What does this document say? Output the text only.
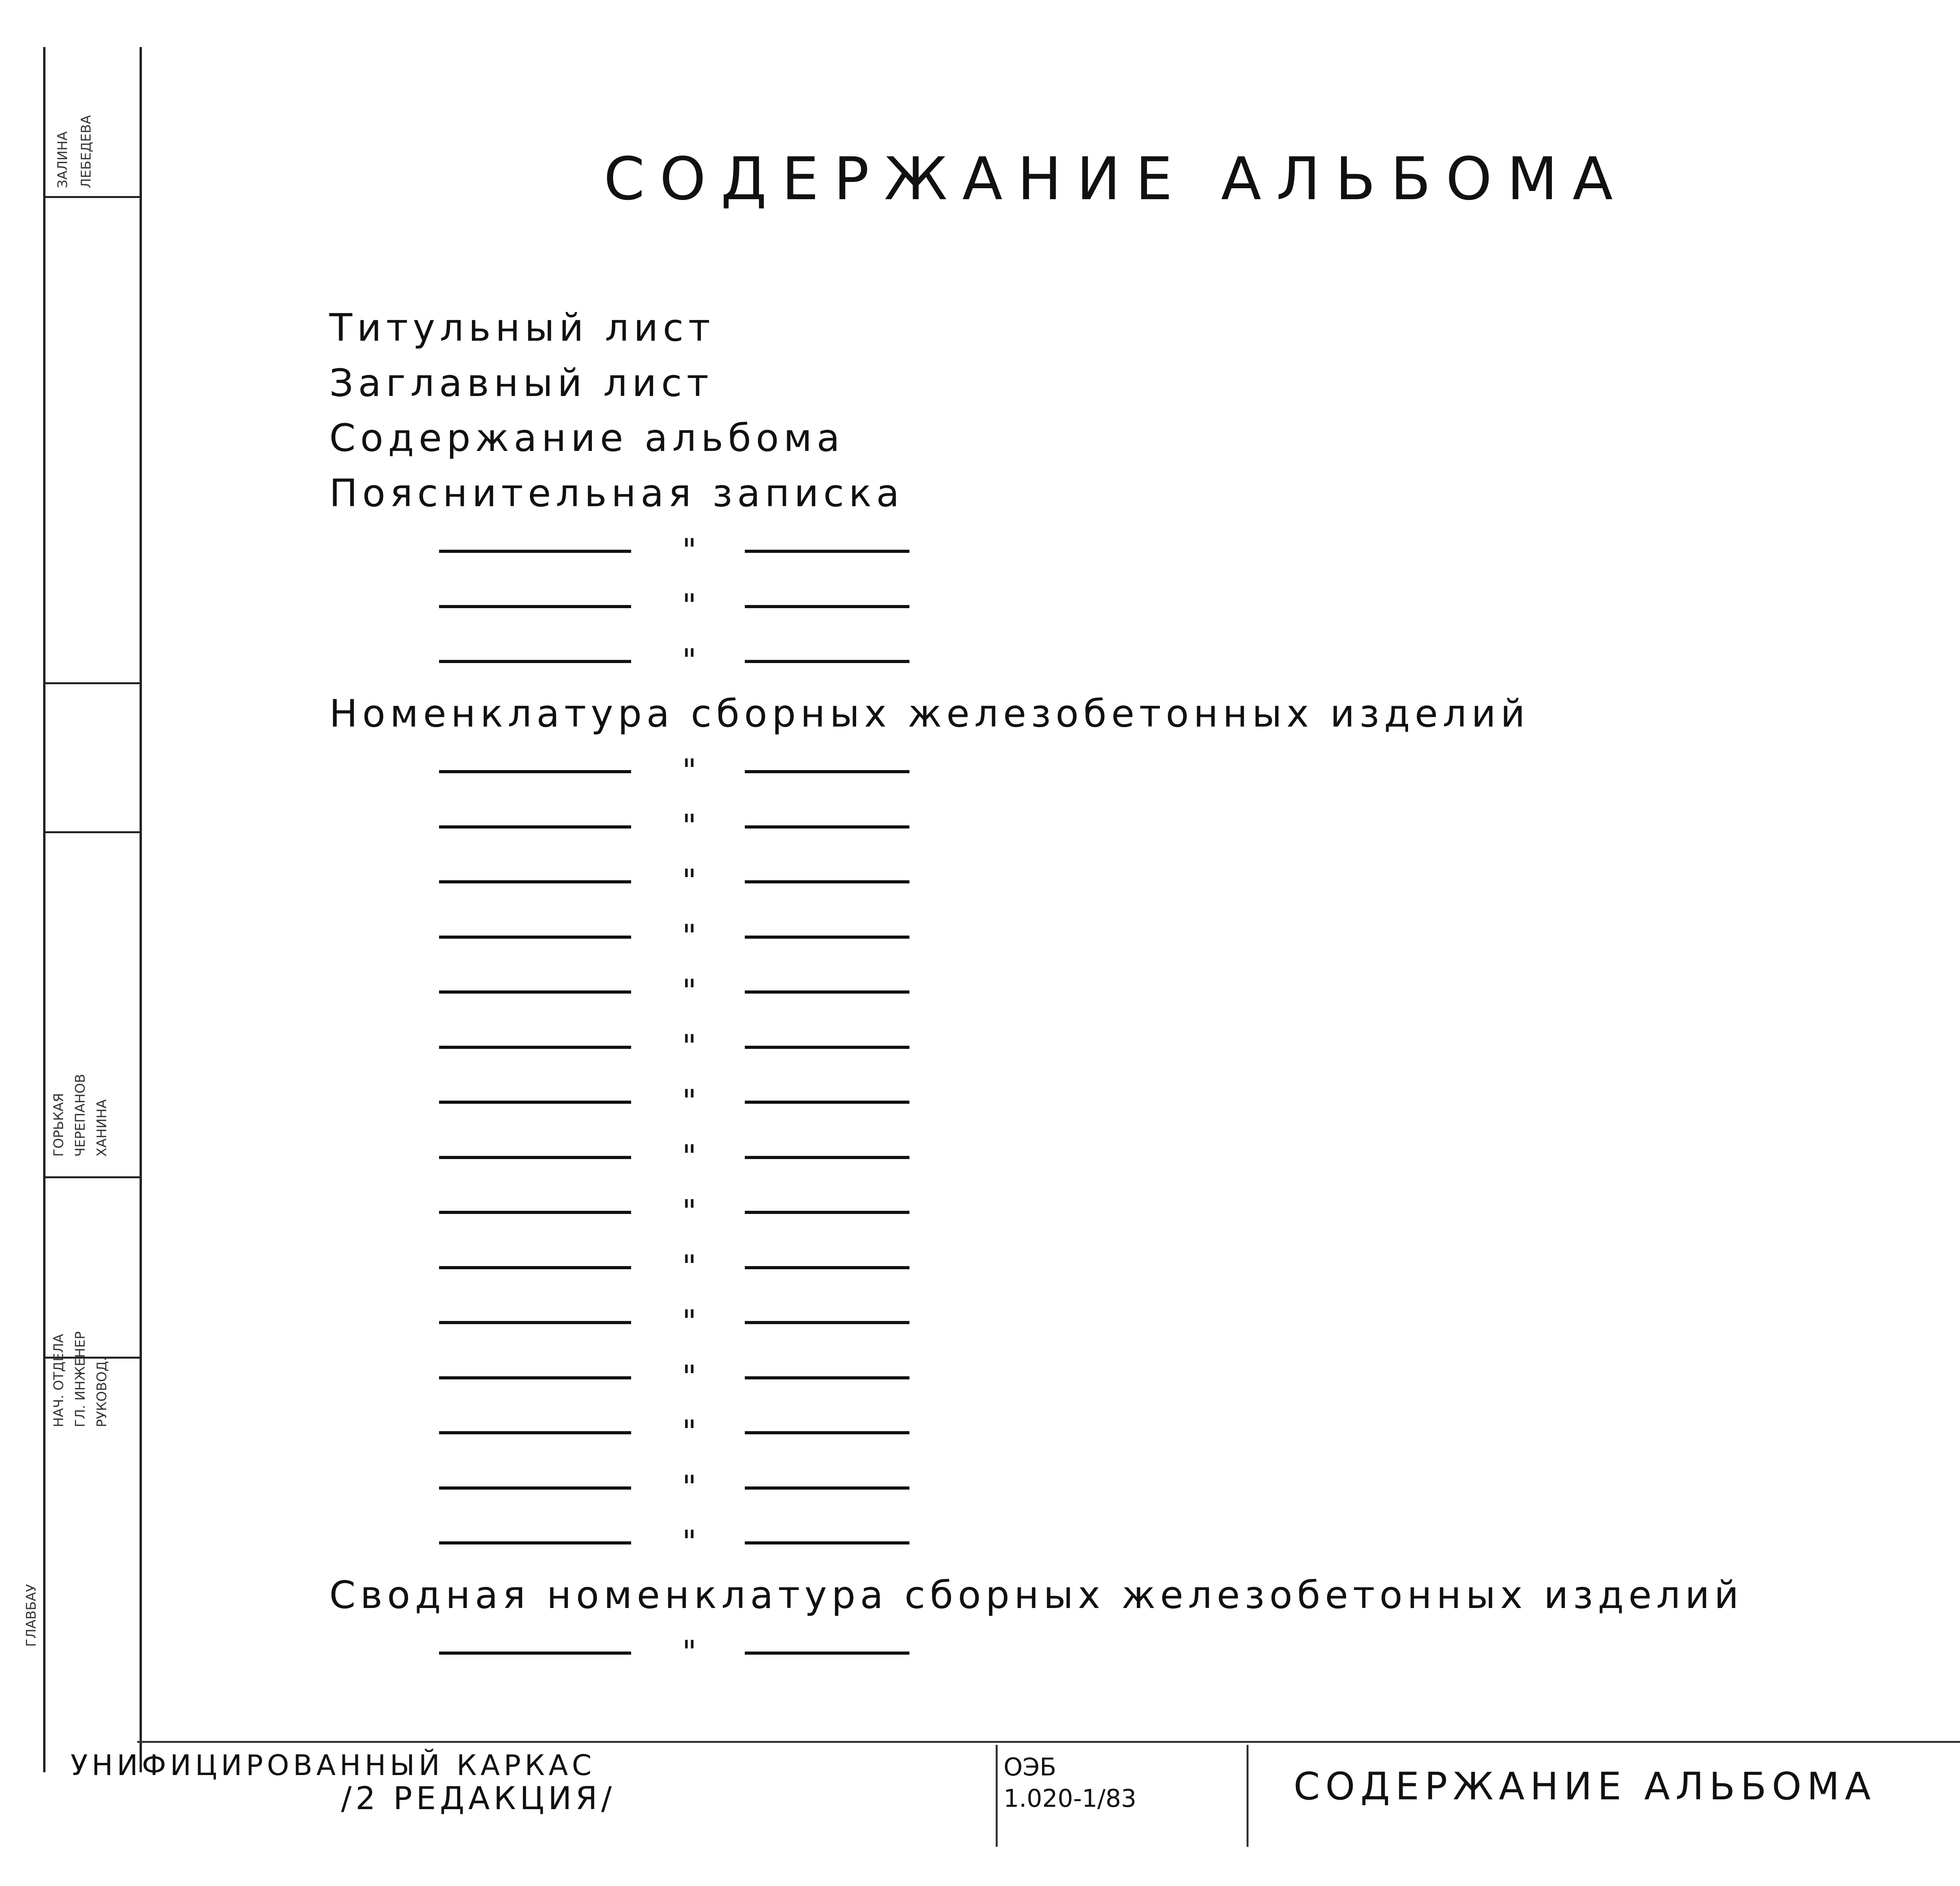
СОДЕРЖАНИЕ АЛЬБОМА
Титульный лист
Заглавный лист
Содержание альбома
Пояснительная записка
"
"
"
Номенклатура сборных железобетонных изделий
"
"
"
"
"
"
"
"
"
"
"
"
"
"
"
Сводная номенклатура сборных железобетонных изделий
"
ГЛАВБАУ
НАЧ. ОТДЕЛА ГЛ. ИНЖЕНЕР РУКОВОД.
ГОРЬКАЯ ЧЕРЕПАНОВ ХАНИНА
ЗАЛИНА ЛЕБЕДЕВА
УНИФИЦИРОВАННЫЙ КАРКАС
/2 РЕДАКЦИЯ/
ОЭБ
1.020-1/83	СОДЕРЖАНИЕ АЛЬБОМА
